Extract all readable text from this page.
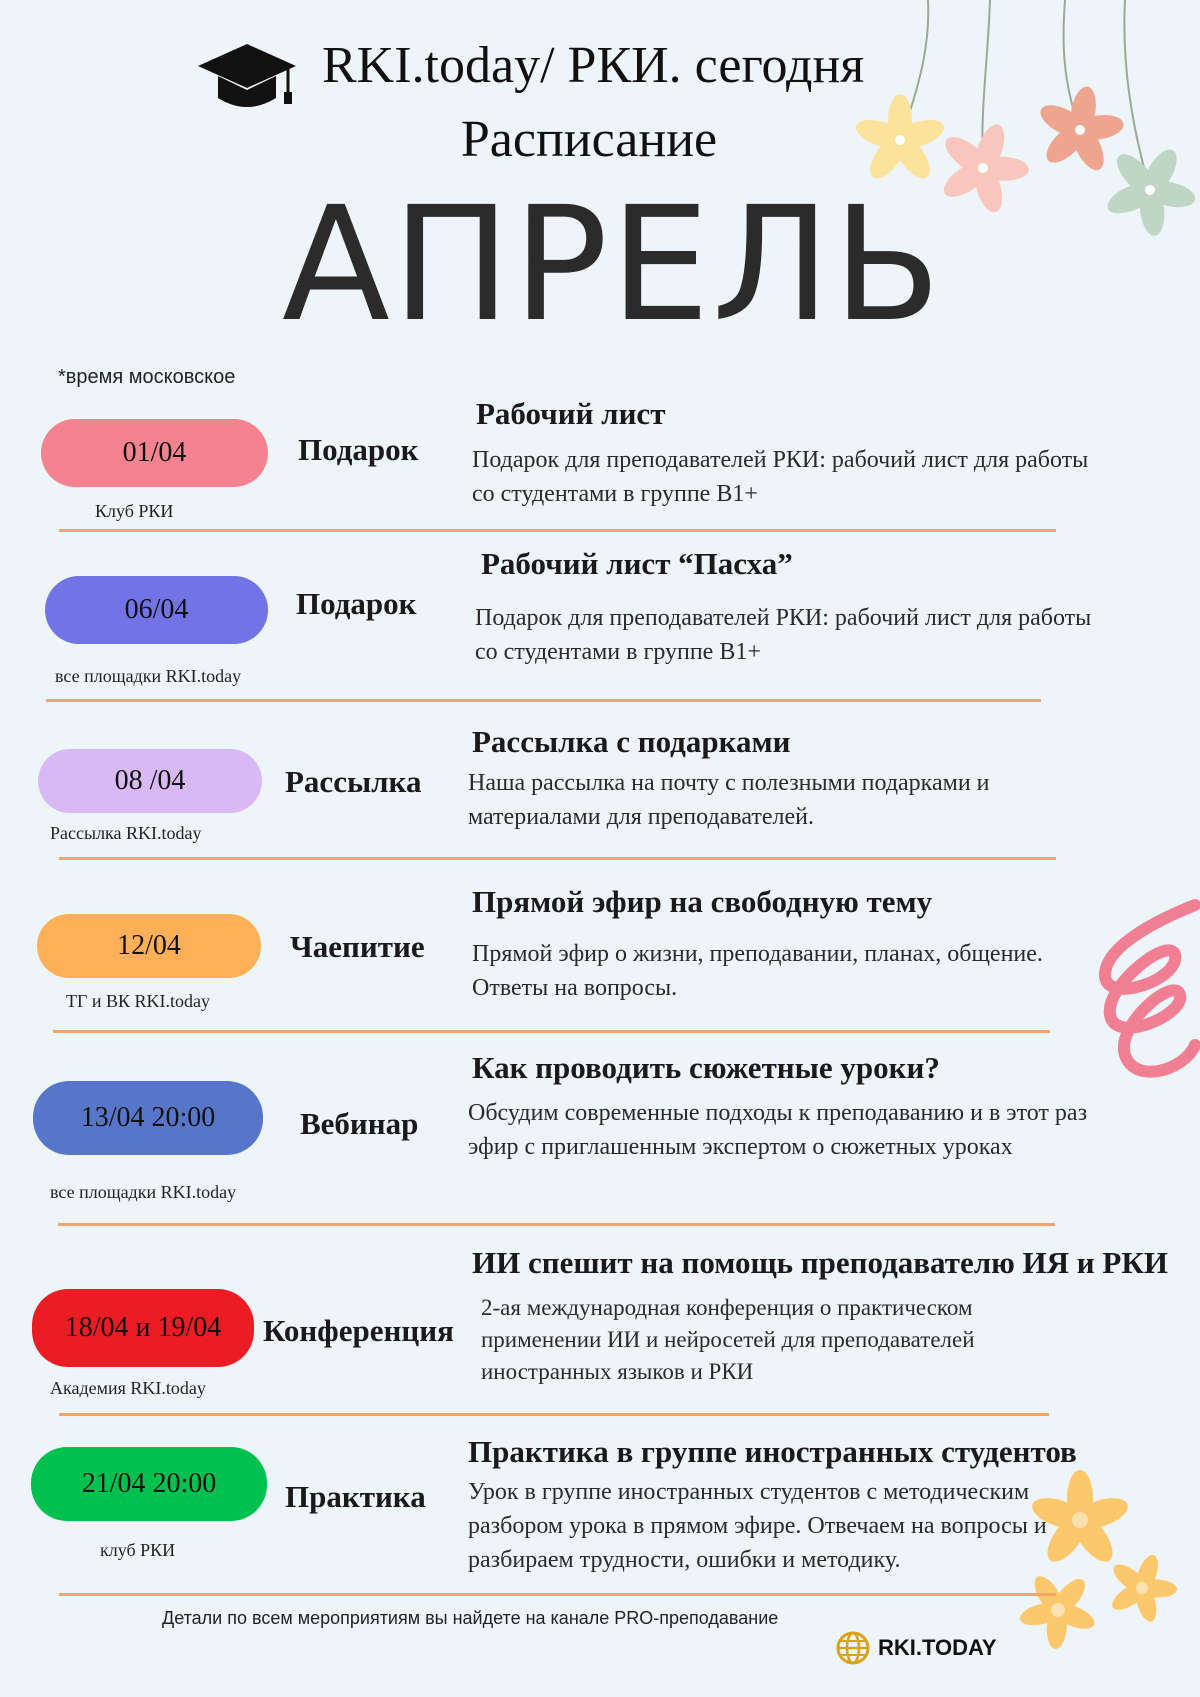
RKI.today/ РКИ. сегодня
Расписание
АПРЕЛЬ
*время московское
01/04
Клуб РКИ
Подарок
Рабочий лист
Подарок для преподавателей РКИ: рабочий лист для работы со студентами в группе В1+
06/04
все площадки RKI.today
Подарок
Рабочий лист “Пасха”
Подарок для преподавателей РКИ: рабочий лист для работы со студентами в группе В1+
08 /04
Рассылка RKI.today
Рассылка
Рассылка с подарками
Наша рассылка на почту с полезными подарками и материалами для преподавателей.
12/04
ТГ и ВК RKI.today
Чаепитие
Прямой эфир на свободную тему
Прямой эфир о жизни, преподавании, планах, общение. Ответы на вопросы.
13/04 20:00
все площадки RKI.today
Вебинар
Как проводить сюжетные уроки?
Обсудим современные подходы к преподаванию и в этот раз эфир с приглашенным экспертом о сюжетных уроках
18/04 и 19/04
Академия RKI.today
Конференция
ИИ спешит на помощь преподавателю ИЯ и РКИ
2-ая международная конференция о практическом применении ИИ и нейросетей для преподавателей иностранных языков и РКИ
21/04 20:00
клуб РКИ
Практика
Практика в группе иностранных студентов
Урок в группе иностранных студентов с методическим разбором урока в прямом эфире. Отвечаем на вопросы и разбираем трудности, ошибки и методику.
Детали по всем мероприятиям вы найдете на канале PRO-преподавание
RKI.TODAY
